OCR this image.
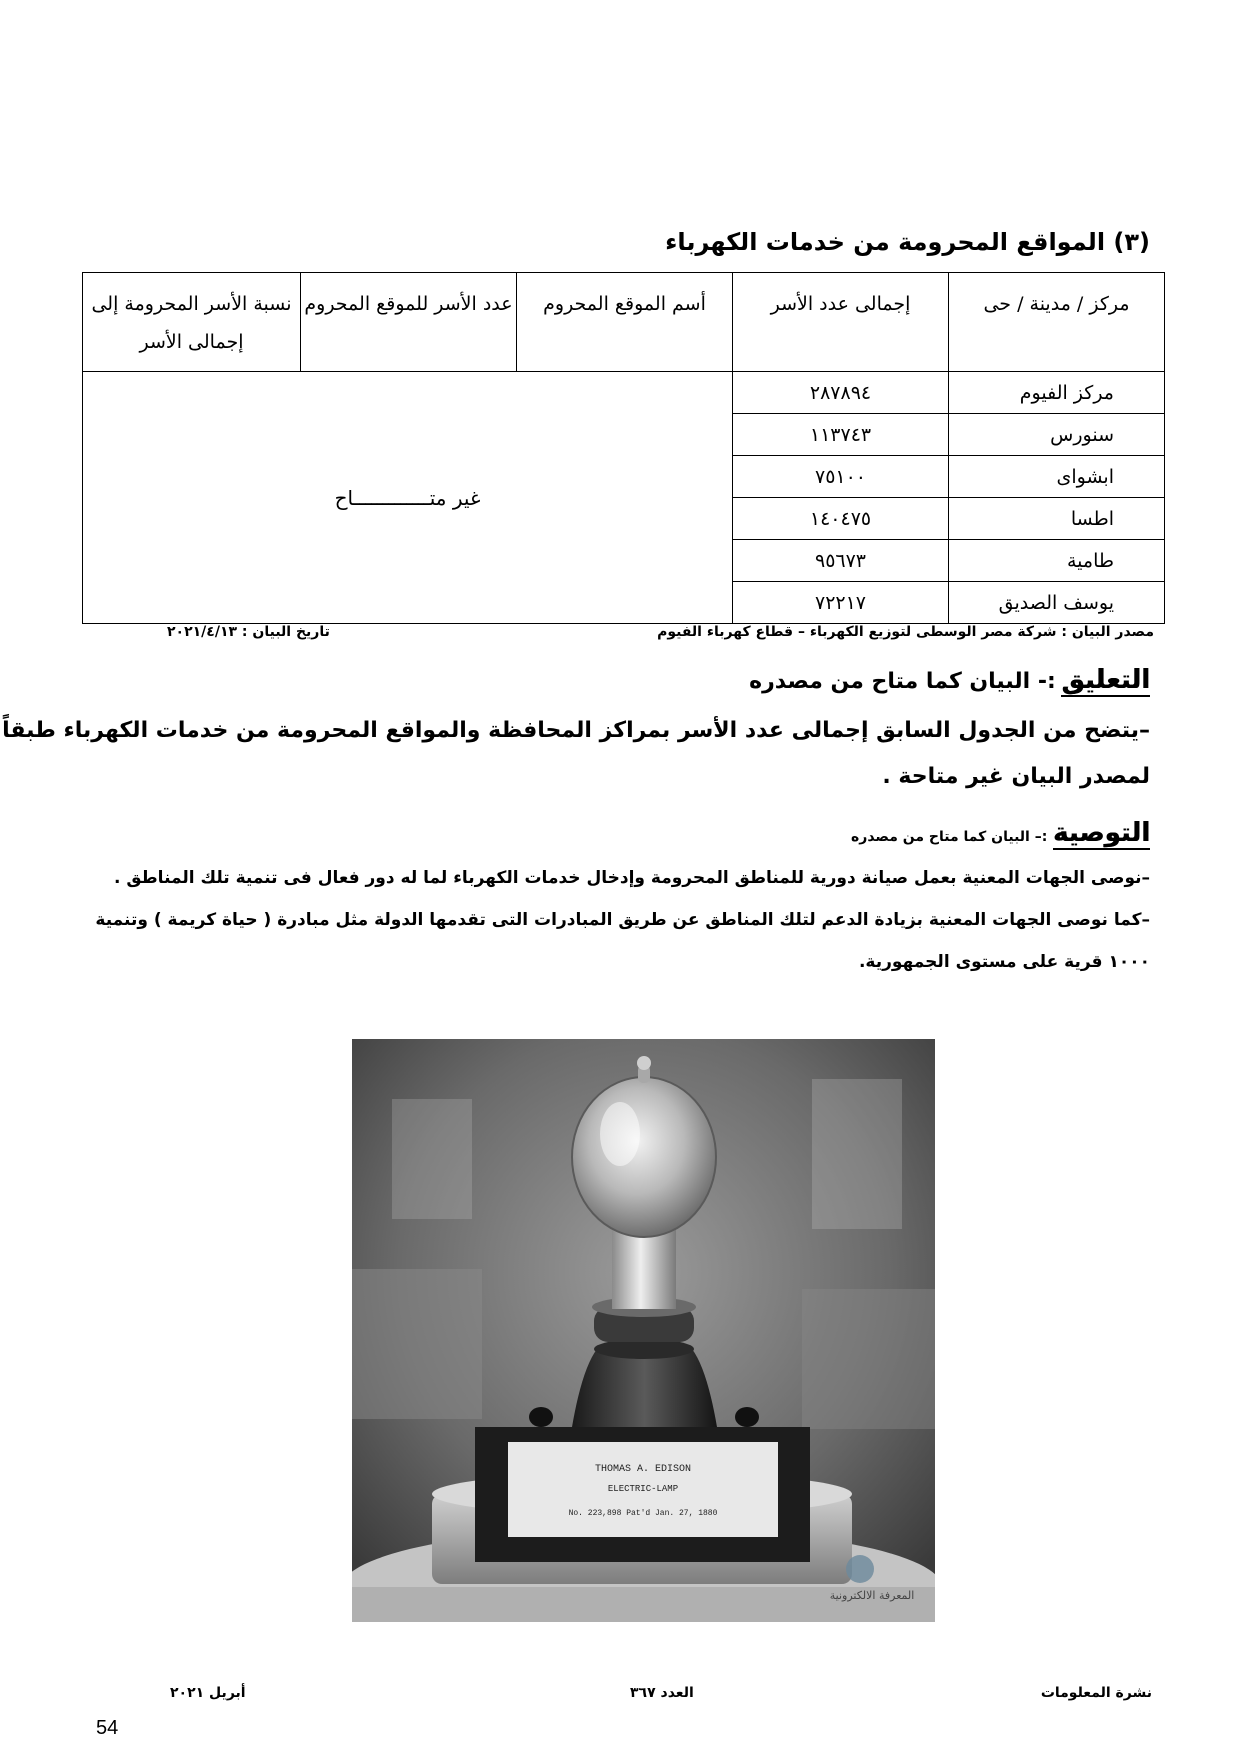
(٣) المواقع المحرومة من خدمات الكهرباء
مركز / مدينة / حى	إجمالى عدد الأسر	أسم الموقع المحروم	عدد الأسر للموقع المحروم	نسبة الأسر المحرومة إلى إجمالى الأسر
مركز الفيوم	٢٨٧٨٩٤	غير متـــــــــــــاح		
سنورس	١١٣٧٤٣			
ابشواى	٧٥١٠٠			
اطسا	١٤٠٤٧٥			
طامية	٩٥٦٧٣			
يوسف الصديق	٧٢٢١٧			
مصدر البيان : شركة مصر الوسطى لتوزيع الكهرباء – قطاع كهرباء الفيوم
تاريخ البيان : ٢٠٢١/٤/١٣
التعليق :- البيان كما متاح من مصدره
–يتضح من الجدول السابق إجمالى عدد الأسر بمراكز المحافظة والمواقع المحرومة من خدمات الكهرباء طبقاً
لمصدر البيان غير متاحة .
التوصية :– البيان كما متاح من مصدره
–نوصى الجهات المعنية بعمل صيانة دورية للمناطق المحرومة وإدخال خدمات الكهرباء لما له دور فعال فى تنمية تلك المناطق .
–كما نوصى الجهات المعنية بزيادة الدعم لتلك المناطق عن طريق المبادرات التى تقدمها الدولة مثل مبادرة ( حياة كريمة ) وتنمية
١٠٠٠ قرية على مستوى الجمهورية.
THOMAS A. EDISON
ELECTRIC-LAMP
No. 223,898 Pat'd Jan. 27, 1880
المعرفة الالكترونية
نشرة المعلومات
العدد ٣٦٧
أبريل ٢٠٢١
54
